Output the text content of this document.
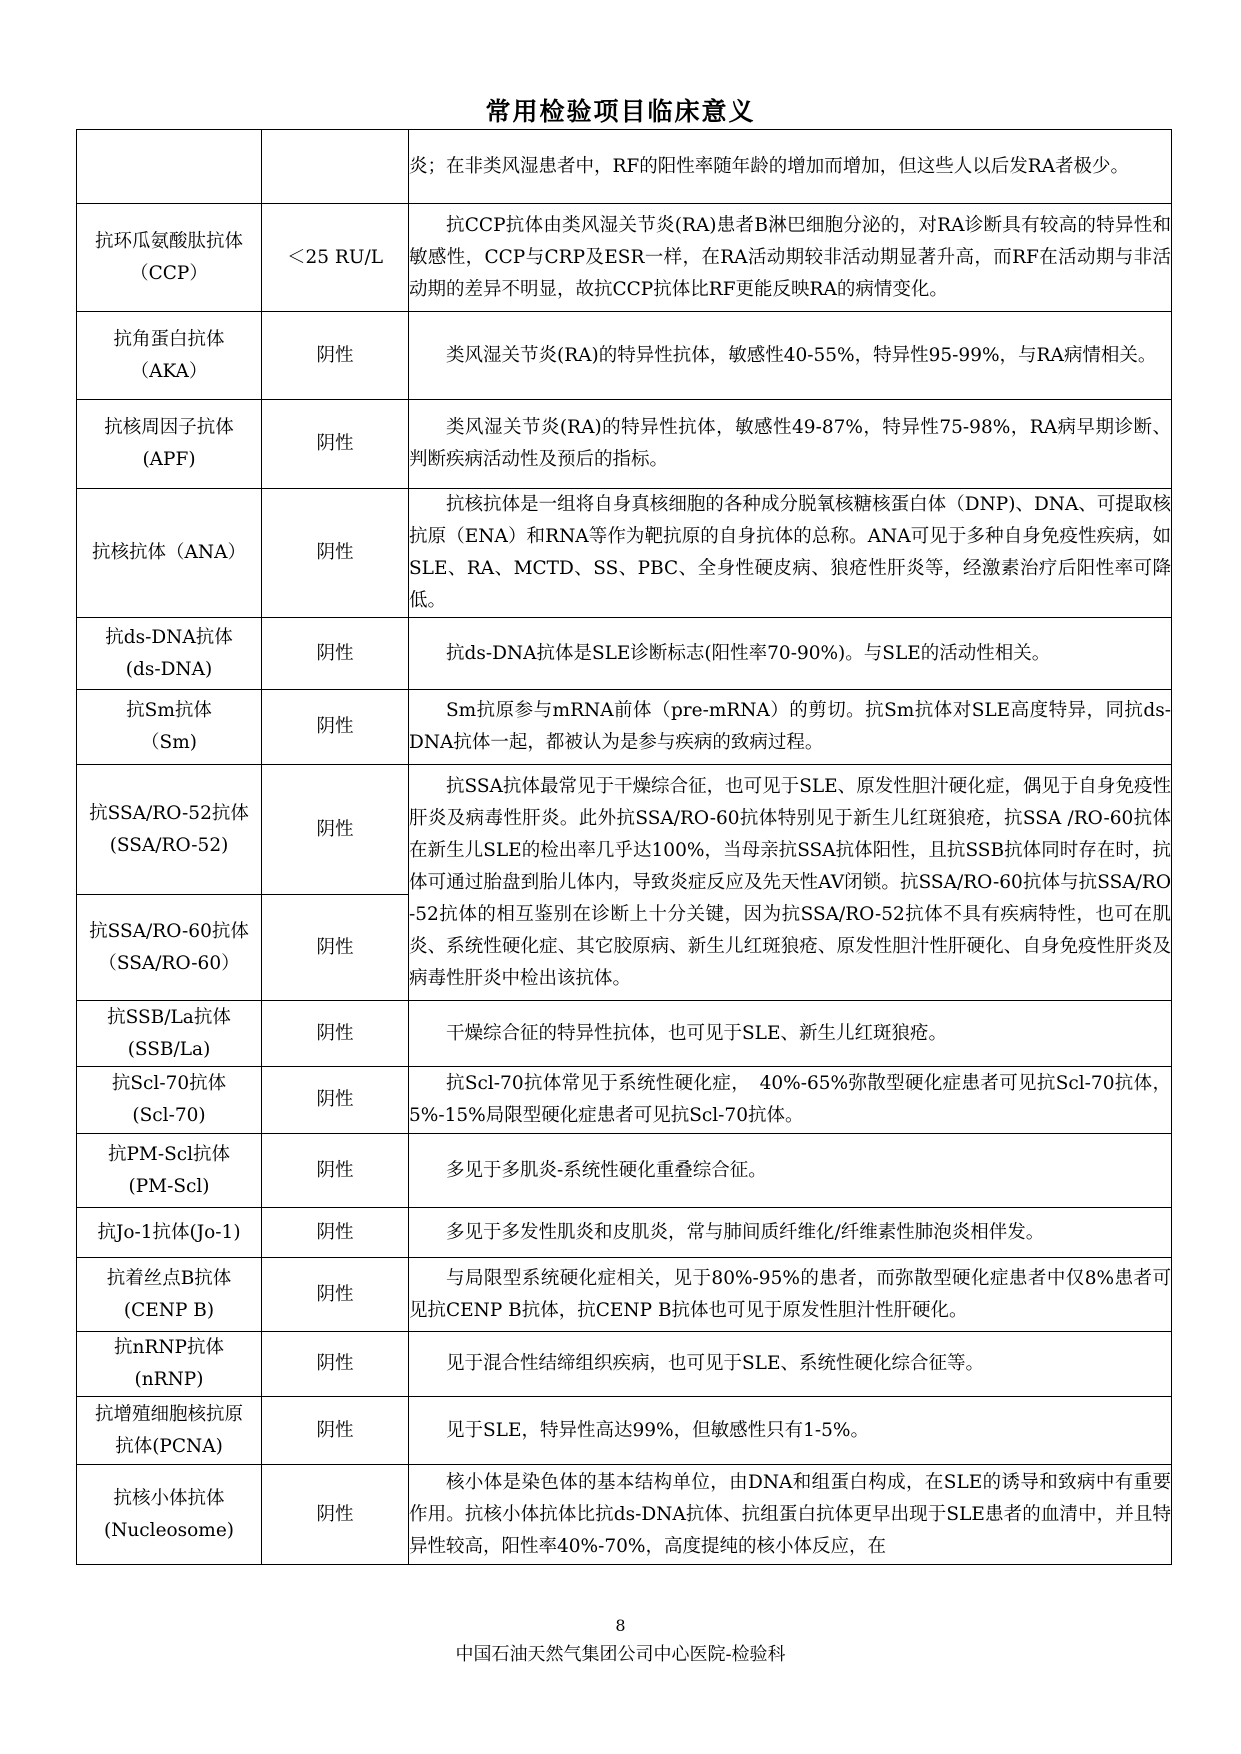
常用检验项目临床意义
		炎；在非类风湿患者中，RF的阳性率随年龄的增加而增加，但这些人以后发RA者极少。

抗环瓜氨酸肽抗体
（CCP）	＜25 RU/L	抗CCP抗体由类风湿关节炎(RA)患者B淋巴细胞分泌的，对RA诊断具有较高的特异性和敏感性，CCP与CRP及ESR一样，在RA活动期较非活动期显著升高，而RF在活动期与非活动期的差异不明显，故抗CCP抗体比RF更能反映RA的病情变化。

抗角蛋白抗体
（AKA）	阴性	类风湿关节炎(RA)的特异性抗体，敏感性40-55%，特异性95-99%，与RA病情相关。

抗核周因子抗体
(APF)	阴性	类风湿关节炎(RA)的特异性抗体，敏感性49-87%，特异性75-98%，RA病早期诊断、判断疾病活动性及预后的指标。

抗核抗体（ANA）	阴性	抗核抗体是一组将自身真核细胞的各种成分脱氧核糖核蛋白体（DNP)、DNA、可提取核抗原（ENA）和RNA等作为靶抗原的自身抗体的总称。ANA可见于多种自身免疫性疾病，如SLE、RA、MCTD、SS、PBC、全身性硬皮病、狼疮性肝炎等，经激素治疗后阳性率可降低。

抗ds-DNA抗体
(ds-DNA)	阴性	抗ds-DNA抗体是SLE诊断标志(阳性率70-90%)。与SLE的活动性相关。

抗Sm抗体
（Sm)	阴性	Sm抗原参与mRNA前体（pre-mRNA）的剪切。抗Sm抗体对SLE高度特异，同抗ds-DNA抗体一起，都被认为是参与疾病的致病过程。

抗SSA/RO-52抗体
(SSA/RO-52)	阴性	抗SSA抗体最常见于干燥综合征，也可见于SLE、原发性胆汁硬化症，偶见于自身免疫性肝炎及病毒性肝炎。此外抗SSA/RO-60抗体特别见于新生儿红斑狼疮，抗SSA /RO-60抗体在新生儿SLE的检出率几乎达100%，当母亲抗SSA抗体阳性，且抗SSB抗体同时存在时，抗体可通过胎盘到胎儿体内，导致炎症反应及先天性AV闭锁。抗SSA/RO-60抗体与抗SSA/RO-52抗体的相互鉴别在诊断上十分关键，因为抗SSA/RO-52抗体不具有疾病特性，也可在肌炎、系统性硬化症、其它胶原病、新生儿红斑狼疮、原发性胆汁性肝硬化、自身免疫性肝炎及病毒性肝炎中检出该抗体。

抗SSA/RO-60抗体
（SSA/RO-60）	阴性	

抗SSB/La抗体
(SSB/La)	阴性	干燥综合征的特异性抗体，也可见于SLE、新生儿红斑狼疮。

抗Scl-70抗体
(Scl-70)	阴性	抗Scl-70抗体常见于系统性硬化症，　40%-65%弥散型硬化症患者可见抗Scl-70抗体，5%-15%局限型硬化症患者可见抗Scl-70抗体。

抗PM-Scl抗体
(PM-Scl)	阴性	多见于多肌炎-系统性硬化重叠综合征。

抗Jo-1抗体(Jo-1)	阴性	多见于多发性肌炎和皮肌炎，常与肺间质纤维化/纤维素性肺泡炎相伴发。

抗着丝点B抗体
(CENP B)	阴性	与局限型系统硬化症相关，见于80%-95%的患者，而弥散型硬化症患者中仅8%患者可见抗CENP B抗体，抗CENP B抗体也可见于原发性胆汁性肝硬化。

抗nRNP抗体
(nRNP)	阴性	见于混合性结缔组织疾病，也可见于SLE、系统性硬化综合征等。

抗增殖细胞核抗原
抗体(PCNA)	阴性	见于SLE，特异性高达99%，但敏感性只有1-5%。

抗核小体抗体
(Nucleosome)	阴性	核小体是染色体的基本结构单位，由DNA和组蛋白构成，在SLE的诱导和致病中有重要作用。抗核小体抗体比抗ds-DNA抗体、抗组蛋白抗体更早出现于SLE患者的血清中，并且特异性较高，阳性率40%-70%，高度提纯的核小体反应，在
8
中国石油天然气集团公司中心医院-检验科
